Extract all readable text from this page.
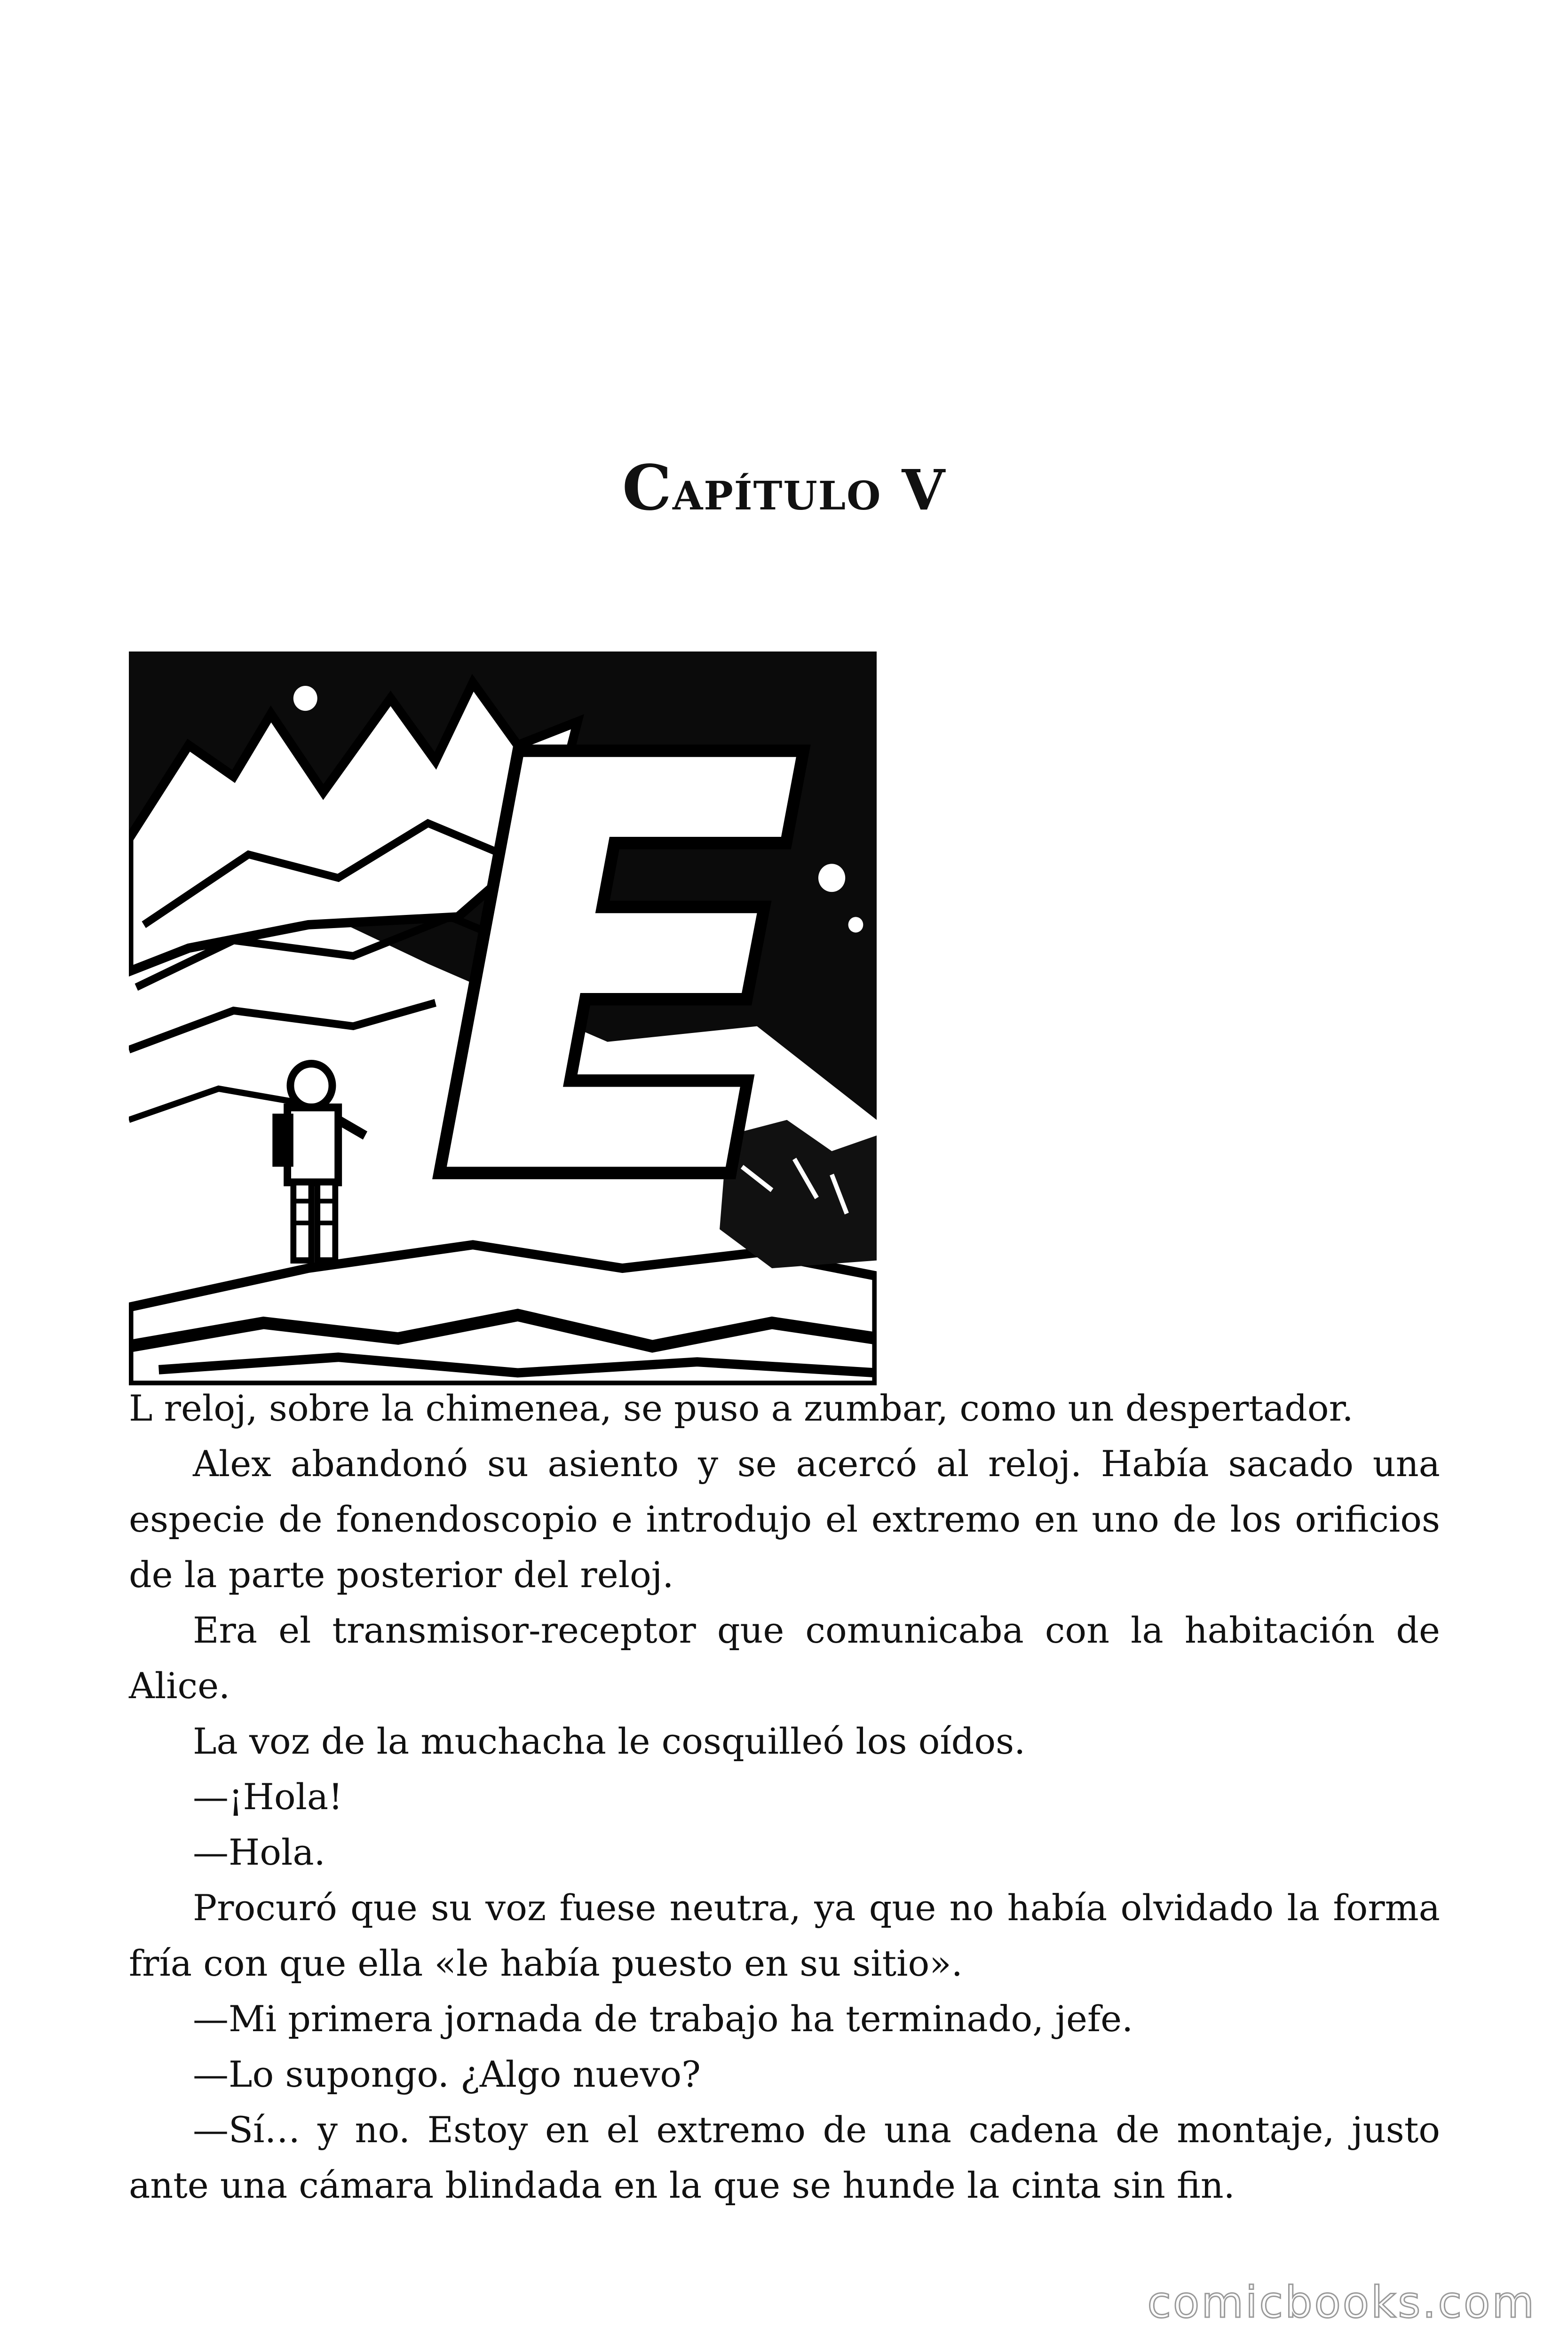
Capítulo V
E

L reloj, sobre la chimenea, se puso a zumbar, como un despertador.

Alex abandonó su asiento y se acercó al reloj. Había sacado una especie de fonendoscopio e introdujo el extremo en uno de los orificios de la parte posterior del reloj.

Era el transmisor-receptor que comunicaba con la habitación de Alice.

La voz de la muchacha le cosquilleó los oídos.

—¡Hola!

—Hola.

Procuró que su voz fuese neutra, ya que no había olvidado la forma fría con que ella «le había puesto en su sitio».

—Mi primera jornada de trabajo ha terminado, jefe.

—Lo supongo. ¿Algo nuevo?

—Sí… y no. Estoy en el extremo de una cadena de montaje, justo ante una cámara blindada en la que se hunde la cinta sin fin.

comicbooks.com
